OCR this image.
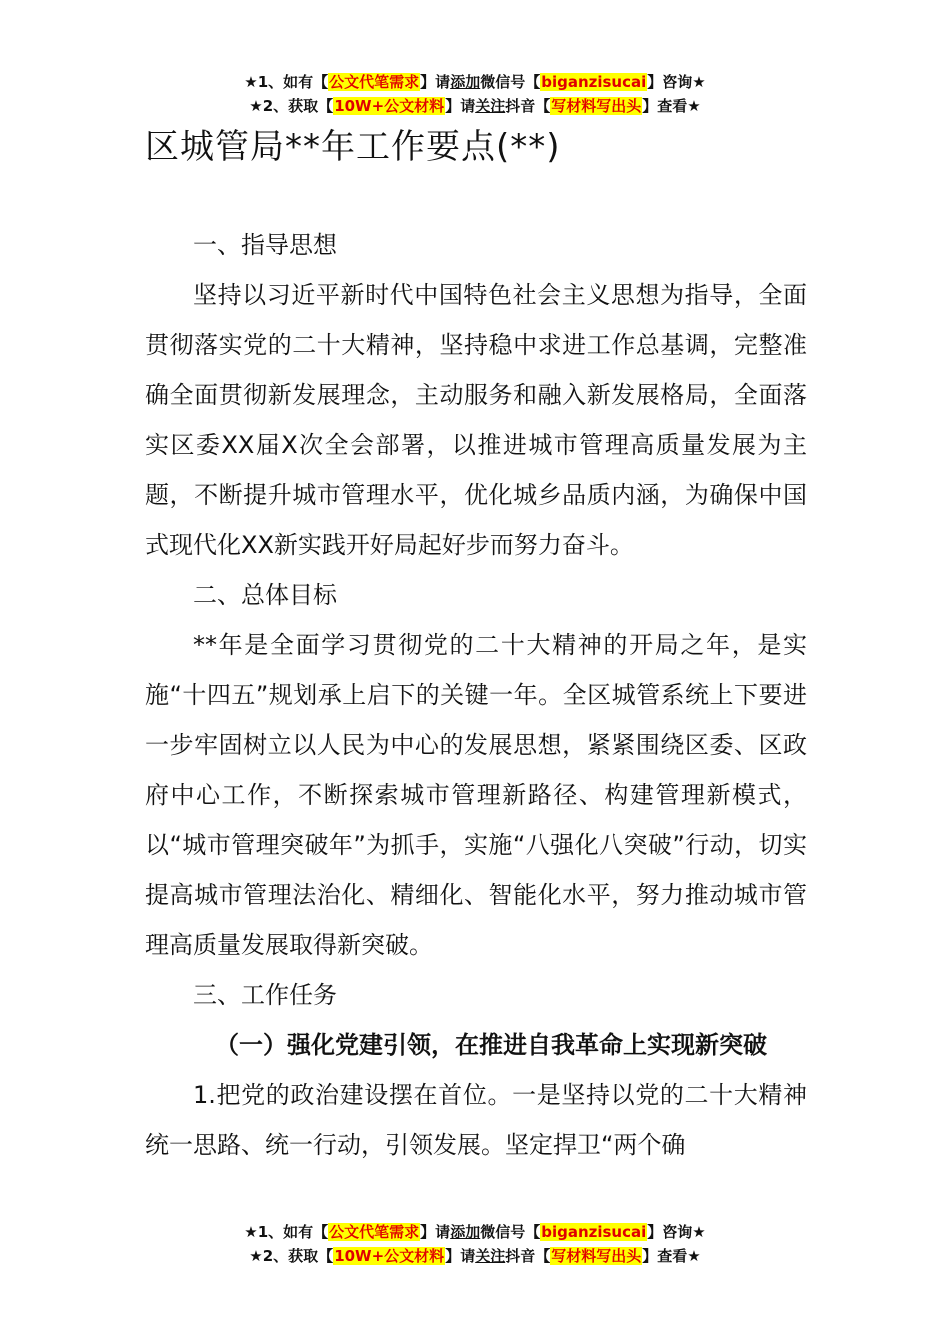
★1、如有【公文代笔需求】请添加微信号【biganzisucai】咨询★
★2、获取【10W+公文材料】请关注抖音【写材料写出头】查看★
区城管局**年工作要点(**)

一、指导思想

坚持以习近平新时代中国特色社会主义思想为指导，全面贯彻落实党的二十大精神，坚持稳中求进工作总基调，完整准确全面贯彻新发展理念，主动服务和融入新发展格局，全面落实区委XX届X次全会部署，以推进城市管理高质量发展为主题，不断提升城市管理水平，优化城乡品质内涵，为确保中国式现代化XX新实践开好局起好步而努力奋斗。

二、总体目标

**年是全面学习贯彻党的二十大精神的开局之年，是实施“十四五”规划承上启下的关键一年。全区城管系统上下要进一步牢固树立以人民为中心的发展思想，紧紧围绕区委、区政府中心工作，不断探索城市管理新路径、构建管理新模式，以“城市管理突破年”为抓手，实施“八强化八突破”行动，切实提高城市管理法治化、精细化、智能化水平，努力推动城市管理高质量发展取得新突破。

三、工作任务

（一）强化党建引领，在推进自我革命上实现新突破

1.把党的政治建设摆在首位。一是坚持以党的二十大精神统一思路、统一行动，引领发展。坚定捍卫“两个确

★1、如有【公文代笔需求】请添加微信号【biganzisucai】咨询★
★2、获取【10W+公文材料】请关注抖音【写材料写出头】查看★
